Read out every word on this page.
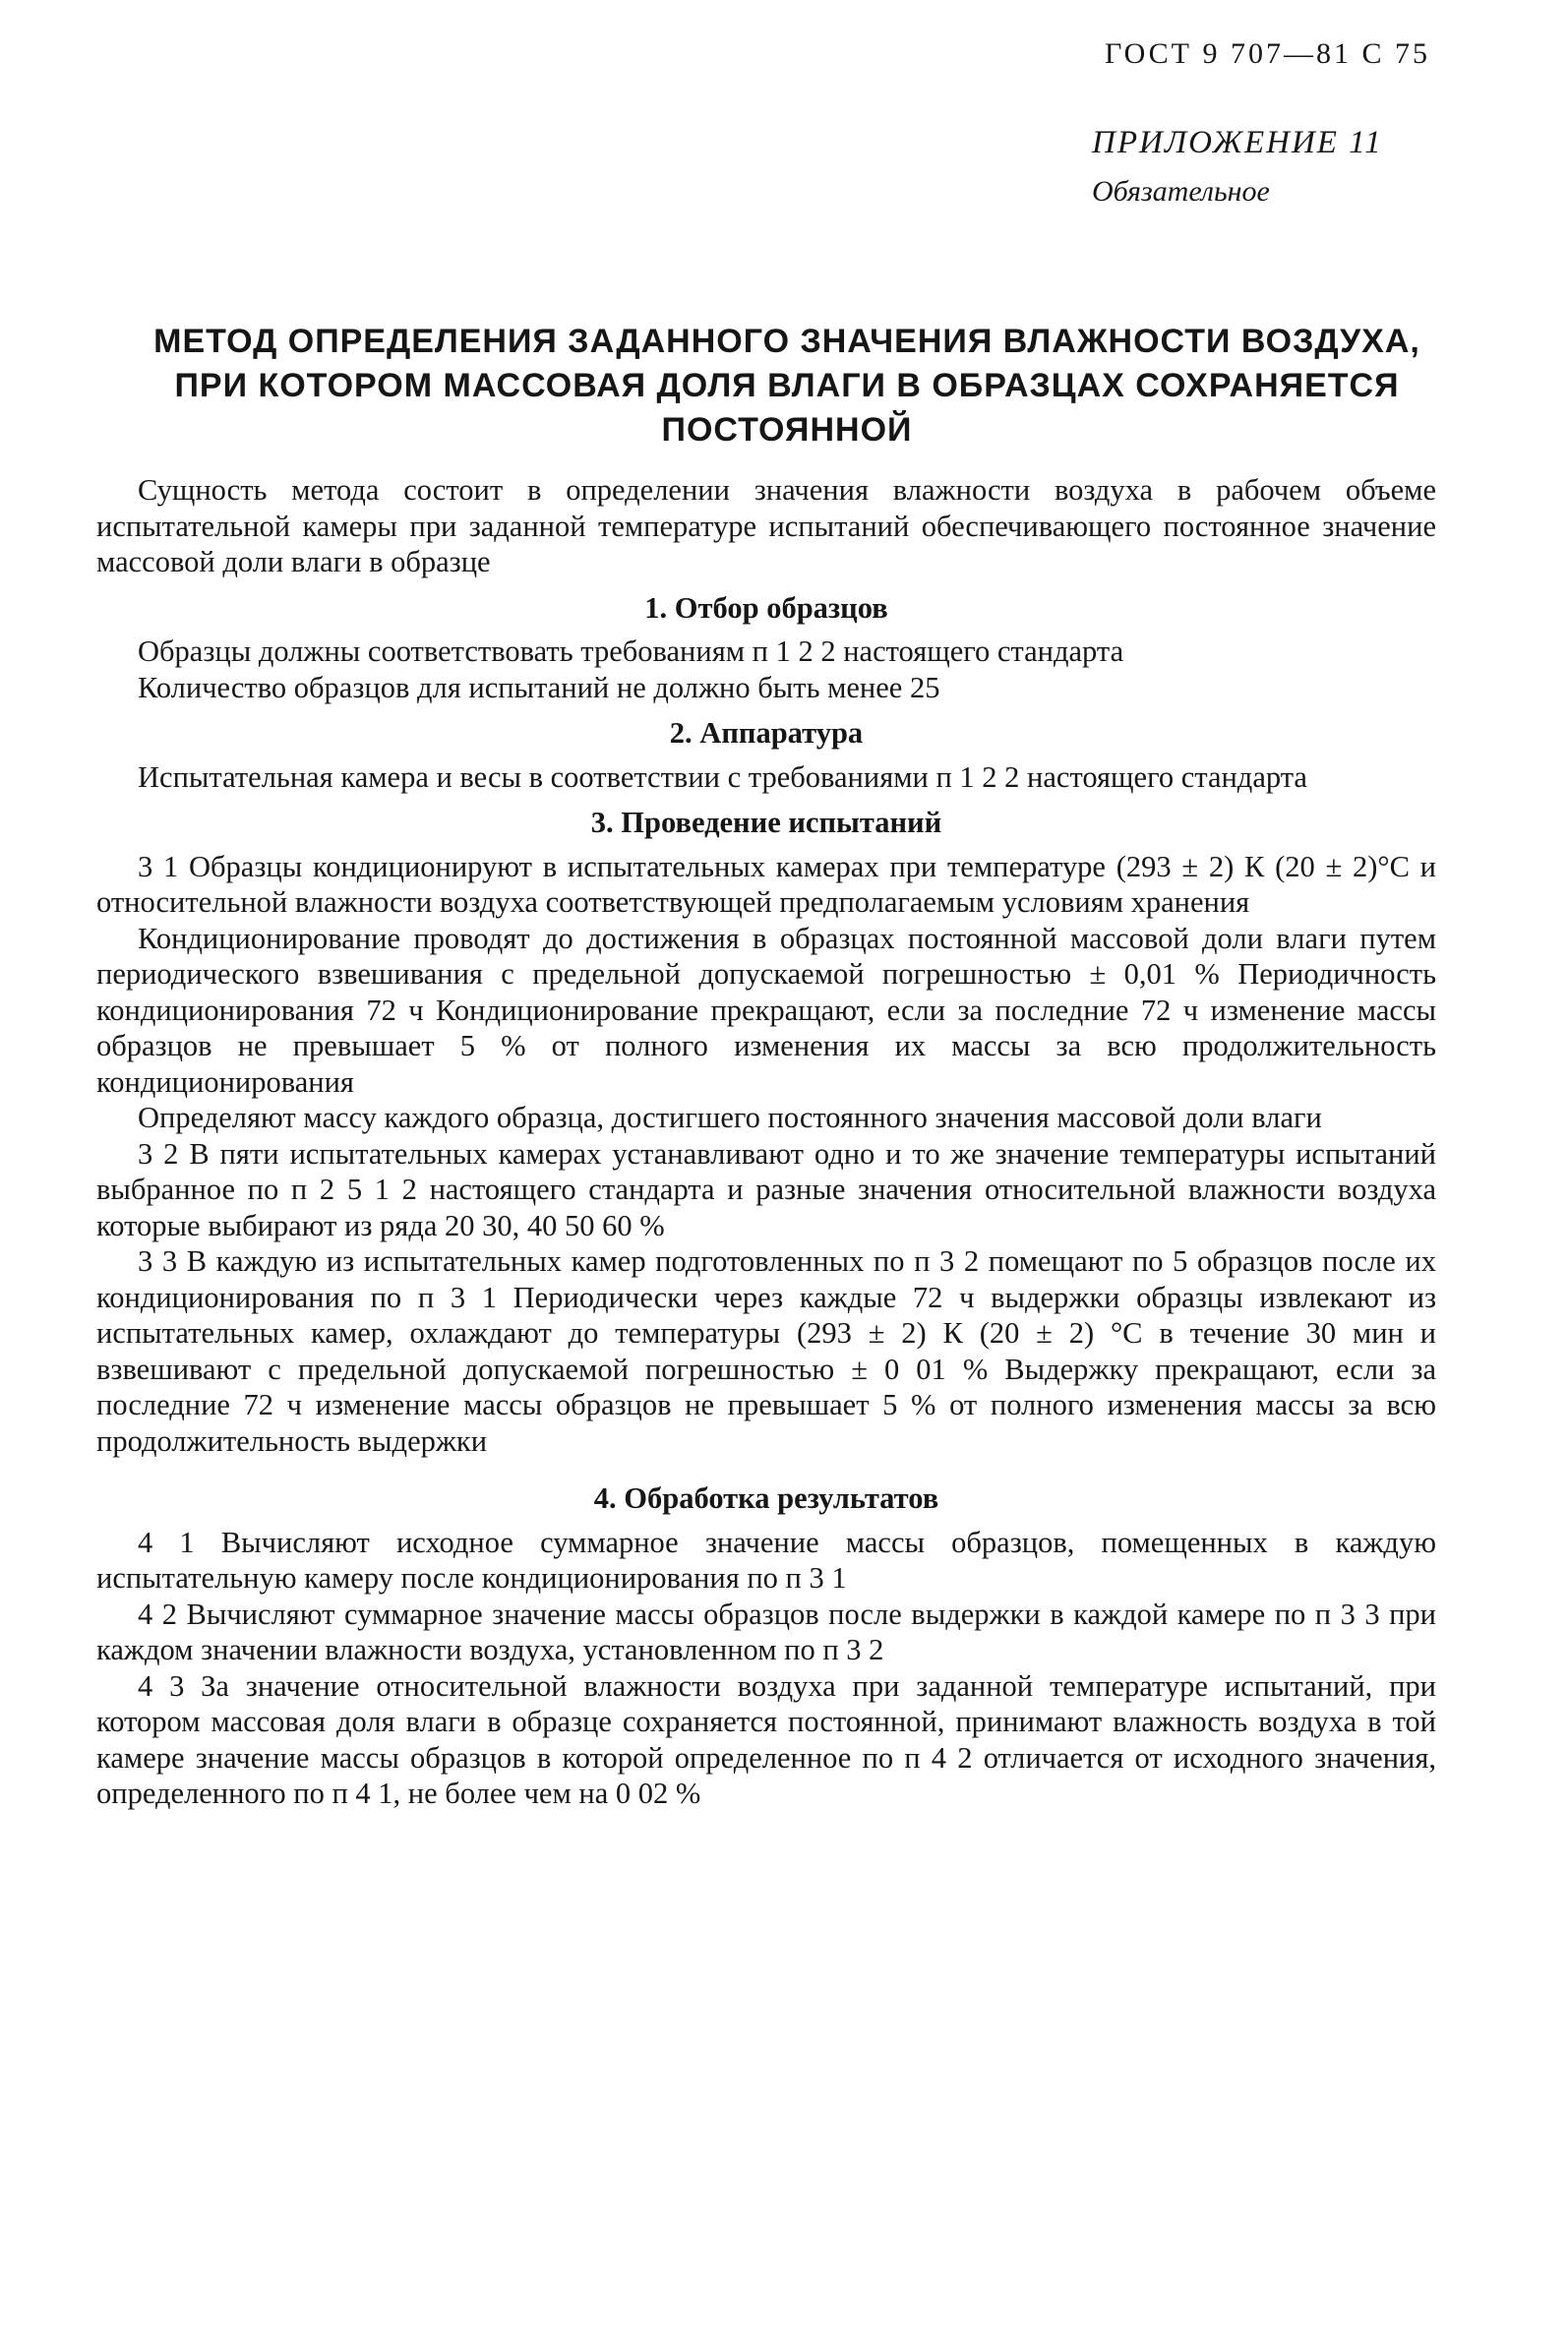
ГОСТ 9 707—81 С 75
ПРИЛОЖЕНИЕ 11
Обязательное
МЕТОД ОПРЕДЕЛЕНИЯ ЗАДАННОГО ЗНАЧЕНИЯ ВЛАЖНОСТИ ВОЗДУХА, ПРИ КОТОРОМ МАССОВАЯ ДОЛЯ ВЛАГИ В ОБРАЗЦАХ СОХРАНЯЕТСЯ ПОСТОЯННОЙ

Сущность метода состоит в определении значения влажности воздуха в рабочем объеме испытательной камеры при заданной температуре испытаний обеспечивающего постоянное значение массовой доли влаги в образце

1. Отбор образцов

Образцы должны соответствовать требованиям п 1 2 2 настоящего стандарта

Количество образцов для испытаний не должно быть менее 25

2. Аппаратура

Испытательная камера и весы в соответствии с требованиями п 1 2 2 настоящего стандарта

3. Проведение испытаний

3 1 Образцы кондиционируют в испытательных камерах при температуре (293 ± 2) К (20 ± 2)°С и относительной влажности воздуха соответствующей предполагаемым условиям хранения

Кондиционирование проводят до достижения в образцах постоянной массовой доли влаги путем периодического взвешивания с предельной допускаемой погрешностью ± 0,01 % Периодичность кондиционирования 72 ч Кондиционирование прекращают, если за последние 72 ч изменение массы образцов не превышает 5 % от полного изменения их массы за всю продолжительность кондиционирования

Определяют массу каждого образца, достигшего постоянного значения массовой доли влаги

3 2 В пяти испытательных камерах устанавливают одно и то же значение температуры испытаний выбранное по п 2 5 1 2 настоящего стандарта и разные значения относительной влажности воздуха которые выбирают из ряда 20 30, 40 50 60 %

3 3 В каждую из испытательных камер подготовленных по п 3 2 помещают по 5 образцов после их кондиционирования по п 3 1 Периодически через каждые 72 ч выдержки образцы извлекают из испытательных камер, охлаждают до температуры (293 ± 2) К (20 ± 2) °С в течение 30 мин и взвешивают с предельной допускаемой погрешностью ± 0 01 % Выдержку прекращают, если за последние 72 ч изменение массы образцов не превышает 5 % от полного изменения массы за всю продолжительность выдержки

4. Обработка результатов

4 1 Вычисляют исходное суммарное значение массы образцов, помещенных в каждую испытательную камеру после кондиционирования по п 3 1

4 2 Вычисляют суммарное значение массы образцов после выдержки в каждой камере по п 3 3 при каждом значении влажности воздуха, установленном по п 3 2

4 3 За значение относительной влажности воздуха при заданной температуре испытаний, при котором массовая доля влаги в образце сохраняется постоянной, принимают влажность воздуха в той камере значение массы образцов в которой определенное по п 4 2 отличается от исходного значения, определенного по п 4 1, не более чем на 0 02 %
